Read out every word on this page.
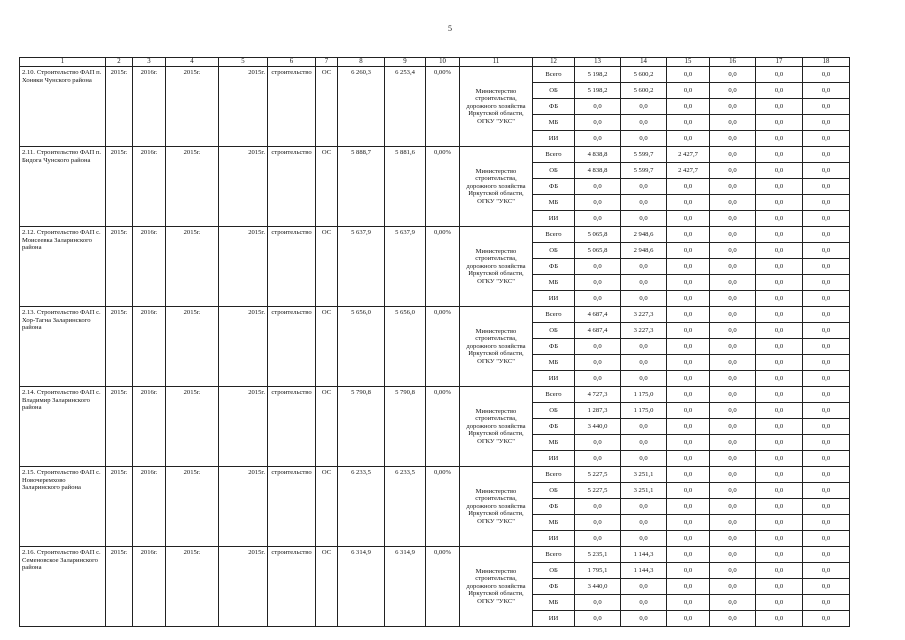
5
1	2	3	4	5	6	7	8	9	10	11	12	13	14	15	16	17	18
2.10. Строительство ФАП п. Хоняки Чунского района	2015г.	2016г.	2015г.	2015г.	строительство	ОС	6 260,3	6 253,4	0,00%	Министерство строительства, дорожного хозяйства Иркутской области, ОГКУ "УКС"	Всего	5 198,2	5 600,2	0,0	0,0	0,0	0,0
											ОБ	5 198,2	5 600,2	0,0	0,0	0,0	0,0
											ФБ	0,0	0,0	0,0	0,0	0,0	0,0
											МБ	0,0	0,0	0,0	0,0	0,0	0,0
											ИИ	0,0	0,0	0,0	0,0	0,0	0,0
2.11. Строительство ФАП п. Бидога Чунского района	2015г.	2016г.	2015г.	2015г.	строительство	ОС	5 888,7	5 881,6	0,00%	Министерство строительства, дорожного хозяйства Иркутской области, ОГКУ "УКС"	Всего	4 838,8	5 599,7	2 427,7	0,0	0,0	0,0
											ОБ	4 838,8	5 599,7	2 427,7	0,0	0,0	0,0
											ФБ	0,0	0,0	0,0	0,0	0,0	0,0
											МБ	0,0	0,0	0,0	0,0	0,0	0,0
											ИИ	0,0	0,0	0,0	0,0	0,0	0,0
2.12. Строительство ФАП с. Моисеевка Заларинского района	2015г.	2016г.	2015г.	2015г.	строительство	ОС	5 637,9	5 637,9	0,00%	Министерство строительства, дорожного хозяйства Иркутской области, ОГКУ "УКС"	Всего	5 065,8	2 948,6	0,0	0,0	0,0	0,0
											ОБ	5 065,8	2 948,6	0,0	0,0	0,0	0,0
											ФБ	0,0	0,0	0,0	0,0	0,0	0,0
											МБ	0,0	0,0	0,0	0,0	0,0	0,0
											ИИ	0,0	0,0	0,0	0,0	0,0	0,0
2.13. Строительство ФАП с. Хор-Тагна Заларинского района	2015г.	2016г.	2015г.	2015г.	строительство	ОС	5 656,0	5 656,0	0,00%	Министерство строительства, дорожного хозяйства Иркутской области, ОГКУ "УКС"	Всего	4 687,4	3 227,3	0,0	0,0	0,0	0,0
											ОБ	4 687,4	3 227,3	0,0	0,0	0,0	0,0
											ФБ	0,0	0,0	0,0	0,0	0,0	0,0
											МБ	0,0	0,0	0,0	0,0	0,0	0,0
											ИИ	0,0	0,0	0,0	0,0	0,0	0,0
2.14. Строительство ФАП с. Владимир Заларинского района	2015г.	2016г.	2015г.	2015г.	строительство	ОС	5 790,8	5 790,8	0,00%	Министерство строительства, дорожного хозяйства Иркутской области, ОГКУ "УКС"	Всего	4 727,3	1 175,0	0,0	0,0	0,0	0,0
											ОБ	1 287,3	1 175,0	0,0	0,0	0,0	0,0
											ФБ	3 440,0	0,0	0,0	0,0	0,0	0,0
											МБ	0,0	0,0	0,0	0,0	0,0	0,0
											ИИ	0,0	0,0	0,0	0,0	0,0	0,0
2.15. Строительство ФАП с. Новочеремхово Заларинского района	2015г.	2016г.	2015г.	2015г.	строительство	ОС	6 233,5	6 233,5	0,00%	Министерство строительства, дорожного хозяйства Иркутской области, ОГКУ "УКС"	Всего	5 227,5	3 251,1	0,0	0,0	0,0	0,0
											ОБ	5 227,5	3 251,1	0,0	0,0	0,0	0,0
											ФБ	0,0	0,0	0,0	0,0	0,0	0,0
											МБ	0,0	0,0	0,0	0,0	0,0	0,0
											ИИ	0,0	0,0	0,0	0,0	0,0	0,0
2.16. Строительство ФАП с. Семеновское Заларинского района	2015г.	2016г.	2015г.	2015г.	строительство	ОС	6 314,9	6 314,9	0,00%	Министерство строительства, дорожного хозяйства Иркутской области, ОГКУ "УКС"	Всего	5 235,1	1 144,3	0,0	0,0	0,0	0,0
											ОБ	1 795,1	1 144,3	0,0	0,0	0,0	0,0
											ФБ	3 440,0	0,0	0,0	0,0	0,0	0,0
											МБ	0,0	0,0	0,0	0,0	0,0	0,0
											ИИ	0,0	0,0	0,0	0,0	0,0	0,0
